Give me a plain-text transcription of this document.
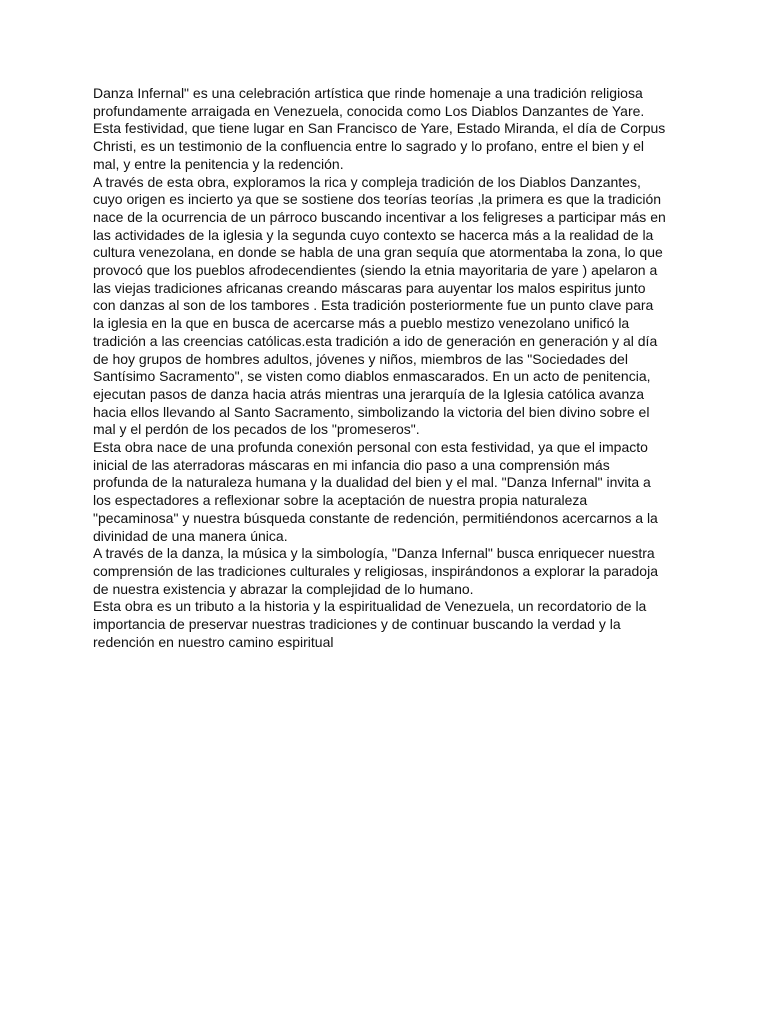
Danza Infernal" es una celebración artística que rinde homenaje a una tradición religiosa
profundamente arraigada en Venezuela, conocida como Los Diablos Danzantes de Yare.
Esta festividad, que tiene lugar en San Francisco de Yare, Estado Miranda, el día de Corpus
Christi, es un testimonio de la confluencia entre lo sagrado y lo profano, entre el bien y el
mal, y entre la penitencia y la redención.
A través de esta obra, exploramos la rica y compleja tradición de los Diablos Danzantes,
cuyo origen es incierto ya que se sostiene dos teorías teorías ,la primera es que la tradición
nace de la ocurrencia de un párroco buscando incentivar a los feligreses a participar más en
las actividades de la iglesia y la segunda cuyo contexto se hacerca más a la realidad de la
cultura venezolana, en donde se habla de una gran sequía que atormentaba la zona, lo que
provocó que los pueblos afrodecendientes (siendo la etnia mayoritaria de yare ) apelaron a
las viejas tradiciones africanas creando máscaras para auyentar los malos espiritus junto
con danzas al son de los tambores . Esta tradición posteriormente fue un punto clave para
la iglesia en la que en busca de acercarse más a pueblo mestizo venezolano unificó la
tradición a las creencias católicas.esta tradición a ido de generación en generación y al día
de hoy grupos de hombres adultos, jóvenes y niños, miembros de las "Sociedades del
Santísimo Sacramento", se visten como diablos enmascarados. En un acto de penitencia,
ejecutan pasos de danza hacia atrás mientras una jerarquía de la Iglesia católica avanza
hacia ellos llevando al Santo Sacramento, simbolizando la victoria del bien divino sobre el
mal y el perdón de los pecados de los "promeseros".
Esta obra nace de una profunda conexión personal con esta festividad, ya que el impacto
inicial de las aterradoras máscaras en mi infancia dio paso a una comprensión más
profunda de la naturaleza humana y la dualidad del bien y el mal. "Danza Infernal" invita a
los espectadores a reflexionar sobre la aceptación de nuestra propia naturaleza
"pecaminosa" y nuestra búsqueda constante de redención, permitiéndonos acercarnos a la
divinidad de una manera única.
A través de la danza, la música y la simbología, "Danza Infernal" busca enriquecer nuestra
comprensión de las tradiciones culturales y religiosas, inspirándonos a explorar la paradoja
de nuestra existencia y abrazar la complejidad de lo humano.
Esta obra es un tributo a la historia y la espiritualidad de Venezuela, un recordatorio de la
importancia de preservar nuestras tradiciones y de continuar buscando la verdad y la
redención en nuestro camino espiritual
